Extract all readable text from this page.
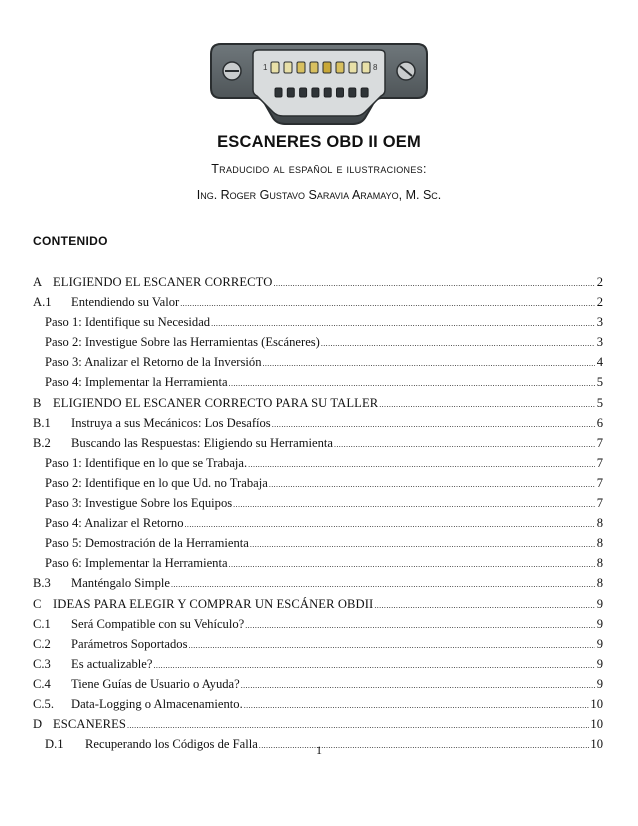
1	8
ESCANERES OBD II OEM

Traducido al español e ilustraciones:

Ing. Roger Gustavo Saravia Aramayo, M. Sc.

CONTENIDO
A ELIGIENDO EL ESCANER CORRECTO .....	2
A.1	Entendiendo su Valor .....	2
Paso 1: Identifique su Necesidad .....	3
Paso 2: Investigue Sobre las Herramientas (Escáneres) .....	3
Paso 3: Analizar el Retorno de la Inversión .....	4
Paso 4: Implementar la Herramienta .....	5
B ELIGIENDO EL ESCANER CORRECTO PARA SU TALLER .....	5
B.1	Instruya a sus Mecánicos: Los Desafíos .....	6
B.2	Buscando las Respuestas: Eligiendo su Herramienta .....	7
Paso 1: Identifique en lo que se Trabaja. .....	7
Paso 2: Identifique en lo que Ud. no Trabaja .....	7
Paso 3: Investigue Sobre los Equipos .....	7
Paso 4: Analizar el Retorno .....	8
Paso 5: Demostración de la Herramienta .....	8
Paso 6: Implementar la Herramienta .....	8
B.3	Manténgalo Simple .....	8
C IDEAS PARA ELEGIR Y COMPRAR UN ESCÁNER OBDII .....	9
C.1	Será Compatible con su Vehículo? .....	9
C.2	Parámetros Soportados .....	9
C.3	Es actualizable? .....	9
C.4	Tiene Guías de Usuario o Ayuda? .....	9
C.5.	Data-Logging o Almacenamiento. .....	10
D ESCANERES .....	10
D.1	Recuperando los Códigos de Falla .....	10

1
